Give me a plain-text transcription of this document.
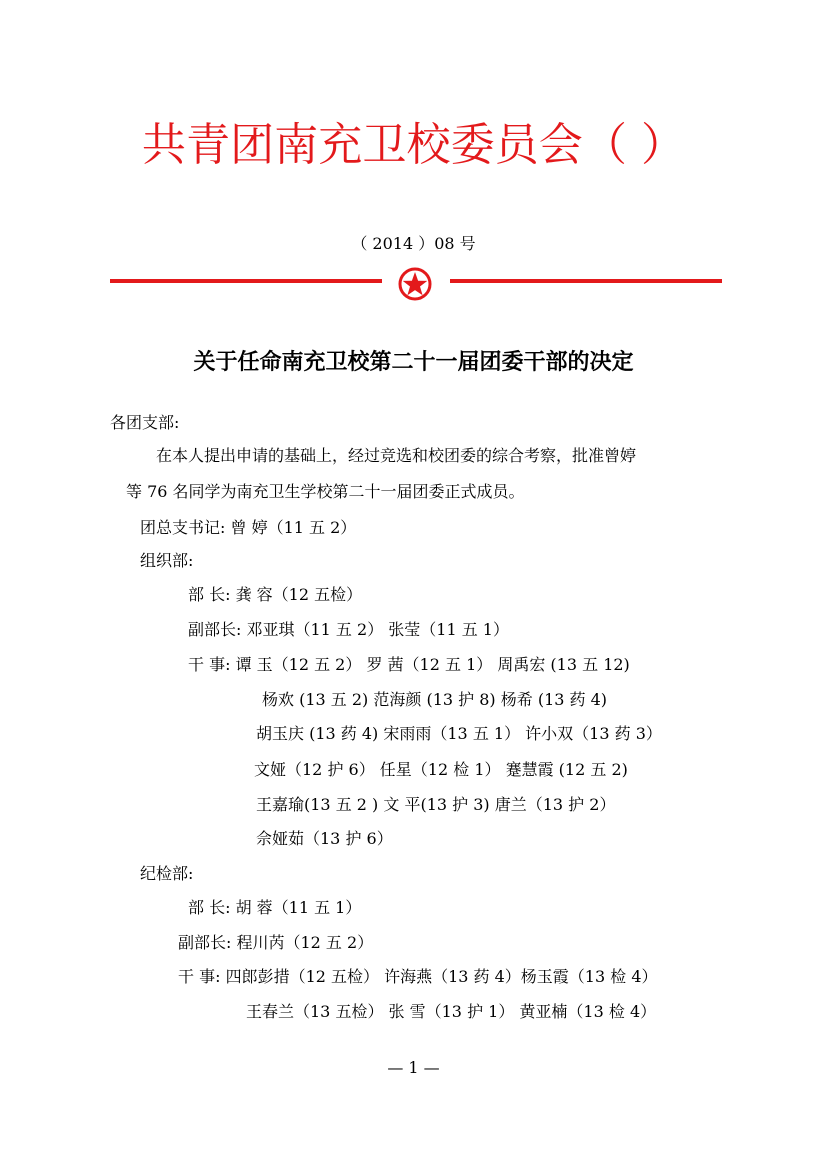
共青团南充卫校委员会（ ）
（ 2014 ）08 号
关于任命南充卫校第二十一届团委干部的决定
各团支部:
在本人提出申请的基础上，经过竞选和校团委的综合考察，批准曾婷
等 76 名同学为南充卫生学校第二十一届团委正式成员。
团总支书记: 曾 婷（11 五 2）
组织部:
部 长: 龚 容（12 五检）
副部长: 邓亚琪（11 五 2） 张莹（11 五 1）
干 事: 谭 玉（12 五 2） 罗 茜（12 五 1） 周禹宏 (13 五 12)
杨欢 (13 五 2) 范海颜 (13 护 8) 杨希 (13 药 4)
胡玉庆 (13 药 4) 宋雨雨（13 五 1） 许小双（13 药 3）
文娅（12 护 6） 任星（12 检 1） 蹇慧霞 (12 五 2)
王嘉瑜(13 五 2 ) 文 平(13 护 3) 唐兰（13 护 2）
佘娅茹（13 护 6）
纪检部:
部 长: 胡 蓉（11 五 1）
副部长: 程川芮（12 五 2）
干 事: 四郎彭措（12 五检） 许海燕（13 药 4）杨玉霞（13 检 4）
王春兰（13 五检） 张 雪（13 护 1） 黄亚楠（13 检 4）
— 1 —
